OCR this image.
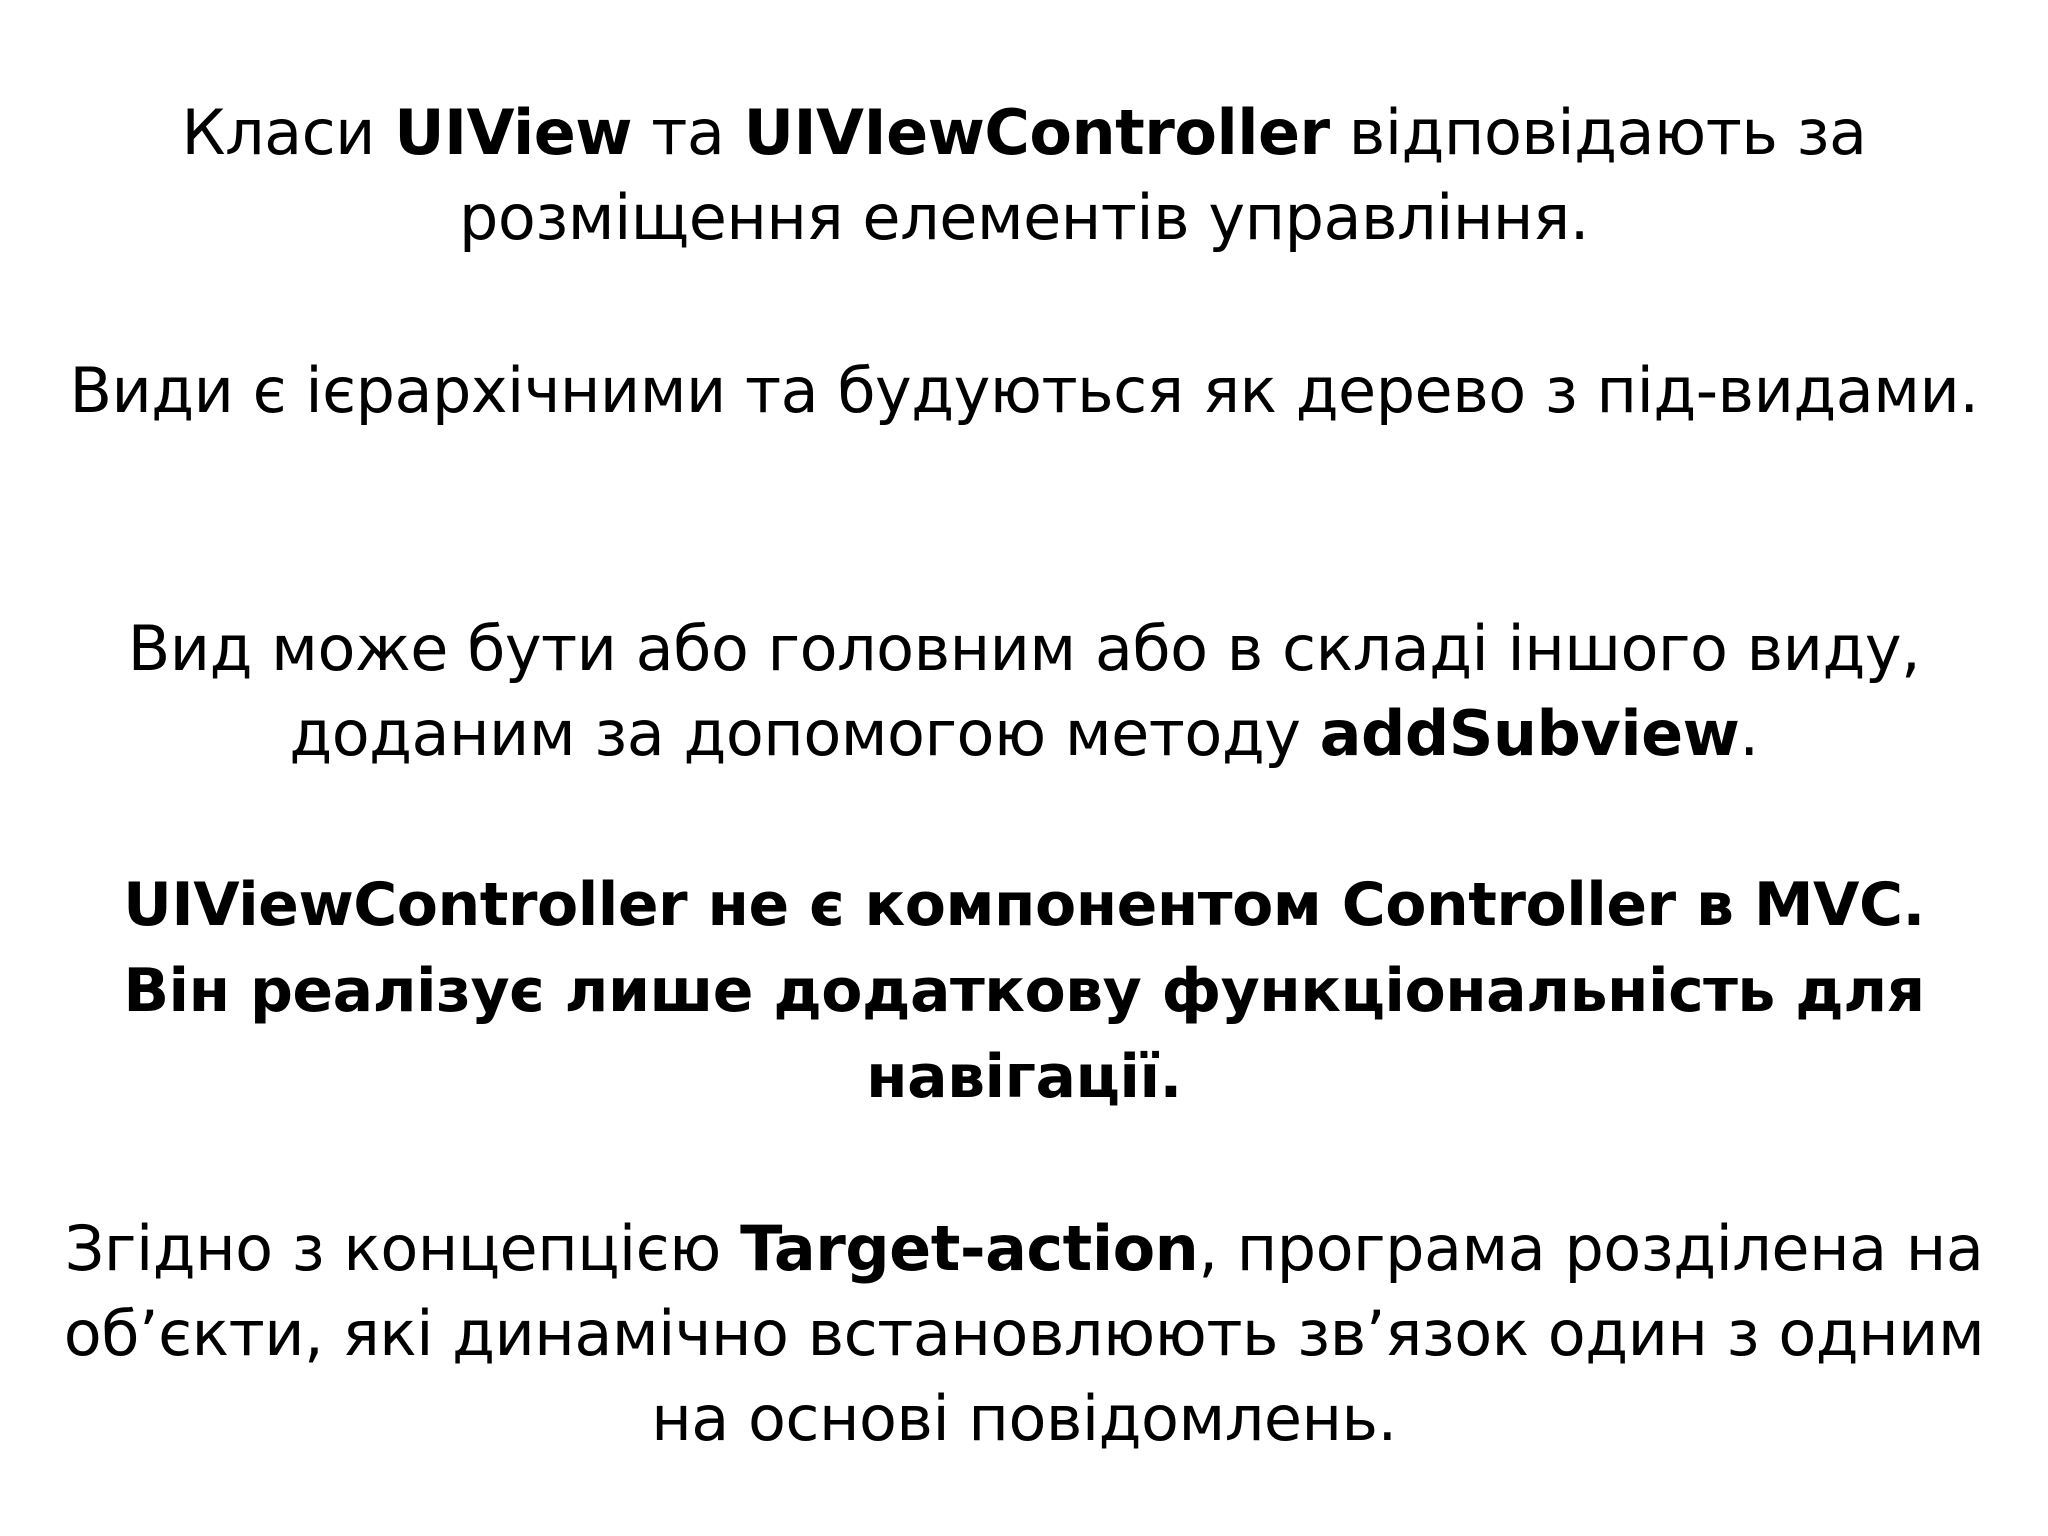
Класи UIView та UIVIewController відповідають за розміщення елементів управління.
Види є ієрархічними та будуються як дерево з під-видами.
Вид може бути або головним або в складі іншого виду, доданим за допомогою методу addSubview.
UIViewController не є компонентом Controller в MVC. Він реалізує лише додаткову функціональність для навігації.
Згідно з концепцією Target-action, програма розділена на об’єкти, які динамічно встановлюють зв’язок один з одним на основі повідомлень.
